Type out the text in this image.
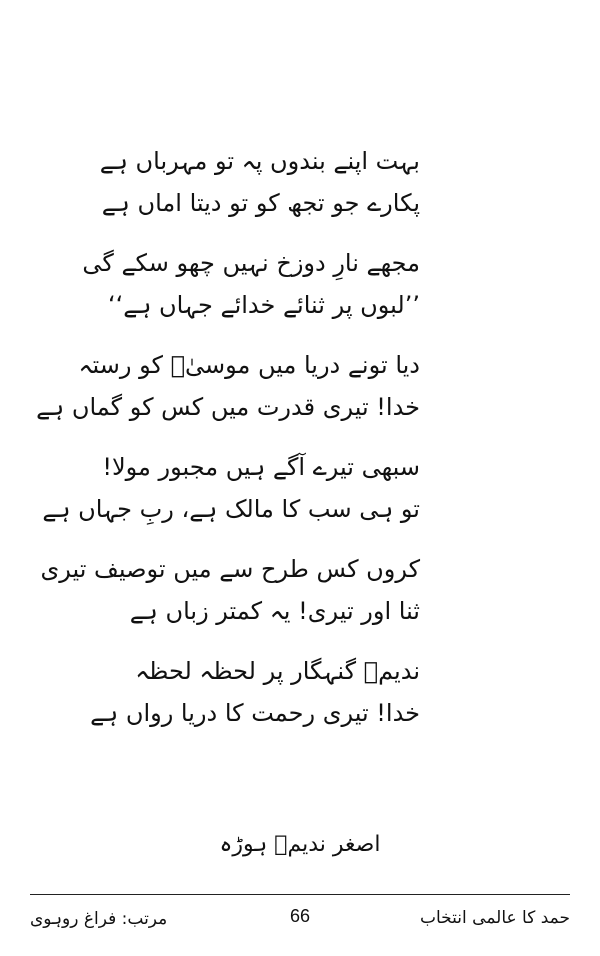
بہت اپنے بندوں پہ تو مہرباں ہے
پکارے جو تجھ کو تو دیتا اماں ہے
مجھے نارِ دوزخ نہیں چھو سکے گی
’’لبوں پر ثنائے خدائے جہاں ہے‘‘
دیا تونے دریا میں موسیٰؑ کو رستہ
خدا! تیری قدرت میں کس کو گماں ہے
سبھی تیرے آگے ہیں مجبور مولا!
تو ہی سب کا مالک ہے، ربِ جہاں ہے
کروں کس طرح سے میں توصیف تیری
ثنا اور تیری! یہ کمتر زباں ہے
ندیمؔ گنہگار پر لحظہ لحظہ
خدا! تیری رحمت کا دریا رواں ہے
اصغر ندیمؔ ہوڑہ
مرتب: فراغ روہوی	66	حمد کا عالمی انتخاب
